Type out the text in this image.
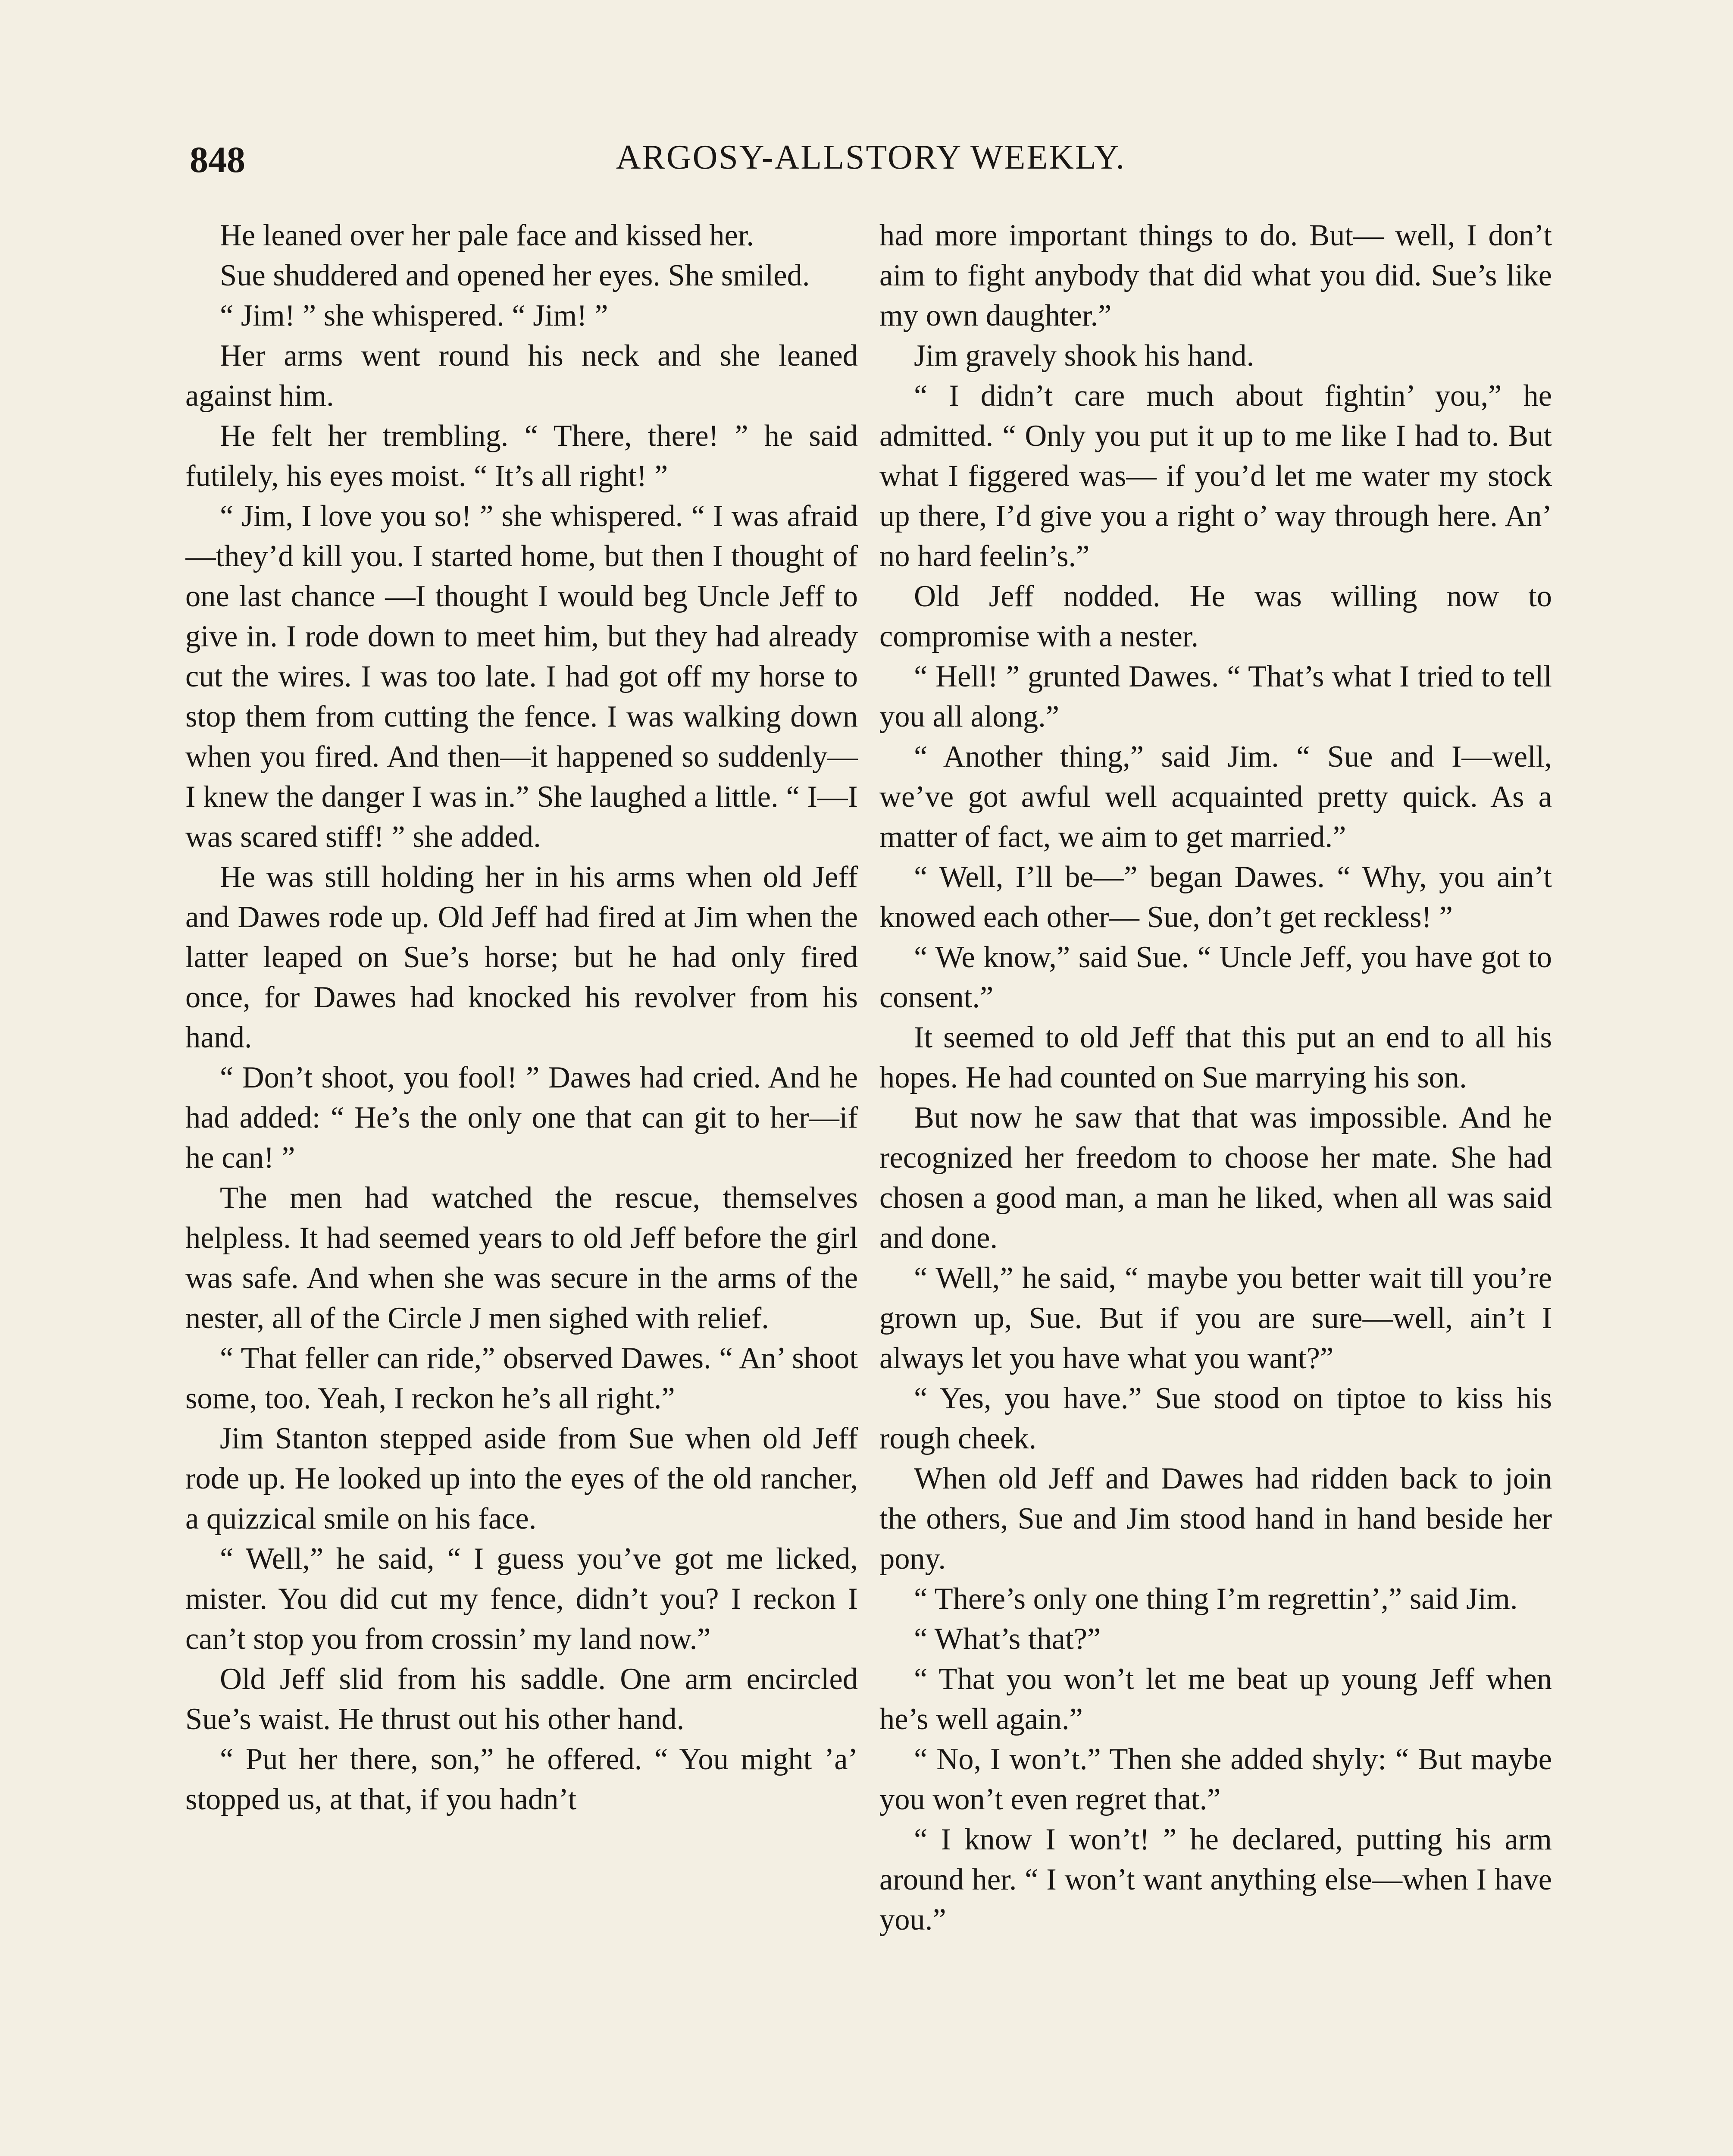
848	ARGOSY-ALLSTORY WEEKLY.

He leaned over her pale face and kissed her.

Sue shuddered and opened her eyes. She smiled.

“ Jim! ” she whispered. “ Jim! ”

Her arms went round his neck and she leaned against him.

He felt her trembling. “ There, there! ” he said futilely, his eyes moist. “ It’s all right! ”

“ Jim, I love you so! ” she whispered. “ I was afraid—they’d kill you. I started home, but then I thought of one last chance —I thought I would beg Uncle Jeff to give in. I rode down to meet him, but they had already cut the wires. I was too late. I had got off my horse to stop them from cutting the fence. I was walking down when you fired. And then—it happened so suddenly—I knew the danger I was in.” She laughed a little. “ I—I was scared stiff! ” she added.

He was still holding her in his arms when old Jeff and Dawes rode up. Old Jeff had fired at Jim when the latter leaped on Sue’s horse; but he had only fired once, for Dawes had knocked his revolver from his hand.

“ Don’t shoot, you fool! ” Dawes had cried. And he had added: “ He’s the only one that can git to her—if he can! ”

The men had watched the rescue, themselves helpless. It had seemed years to old Jeff before the girl was safe. And when she was secure in the arms of the nester, all of the Circle J men sighed with relief.

“ That feller can ride,” observed Dawes. “ An’ shoot some, too. Yeah, I reckon he’s all right.”

Jim Stanton stepped aside from Sue when old Jeff rode up. He looked up into the eyes of the old rancher, a quizzical smile on his face.

“ Well,” he said, “ I guess you’ve got me licked, mister. You did cut my fence, didn’t you? I reckon I can’t stop you from crossin’ my land now.”

Old Jeff slid from his saddle. One arm encircled Sue’s waist. He thrust out his other hand.

“ Put her there, son,” he offered. “ You might ’a’ stopped us, at that, if you hadn’t

had more important things to do. But— well, I don’t aim to fight anybody that did what you did. Sue’s like my own daughter.”

Jim gravely shook his hand.

“ I didn’t care much about fightin’ you,” he admitted. “ Only you put it up to me like I had to. But what I figgered was— if you’d let me water my stock up there, I’d give you a right o’ way through here. An’ no hard feelin’s.”

Old Jeff nodded. He was willing now to compromise with a nester.

“ Hell! ” grunted Dawes. “ That’s what I tried to tell you all along.”

“ Another thing,” said Jim. “ Sue and I—well, we’ve got awful well acquainted pretty quick. As a matter of fact, we aim to get married.”

“ Well, I’ll be—” began Dawes. “ Why, you ain’t knowed each other— Sue, don’t get reckless! ”

“ We know,” said Sue. “ Uncle Jeff, you have got to consent.”

It seemed to old Jeff that this put an end to all his hopes. He had counted on Sue marrying his son.

But now he saw that that was impossible. And he recognized her freedom to choose her mate. She had chosen a good man, a man he liked, when all was said and done.

“ Well,” he said, “ maybe you better wait till you’re grown up, Sue. But if you are sure—well, ain’t I always let you have what you want?”

“ Yes, you have.” Sue stood on tiptoe to kiss his rough cheek.

When old Jeff and Dawes had ridden back to join the others, Sue and Jim stood hand in hand beside her pony.

“ There’s only one thing I’m regrettin’,” said Jim.

“ What’s that?”

“ That you won’t let me beat up young Jeff when he’s well again.”

“ No, I won’t.” Then she added shyly: “ But maybe you won’t even regret that.”

“ I know I won’t! ” he declared, putting his arm around her. “ I won’t want anything else—when I have you.”
